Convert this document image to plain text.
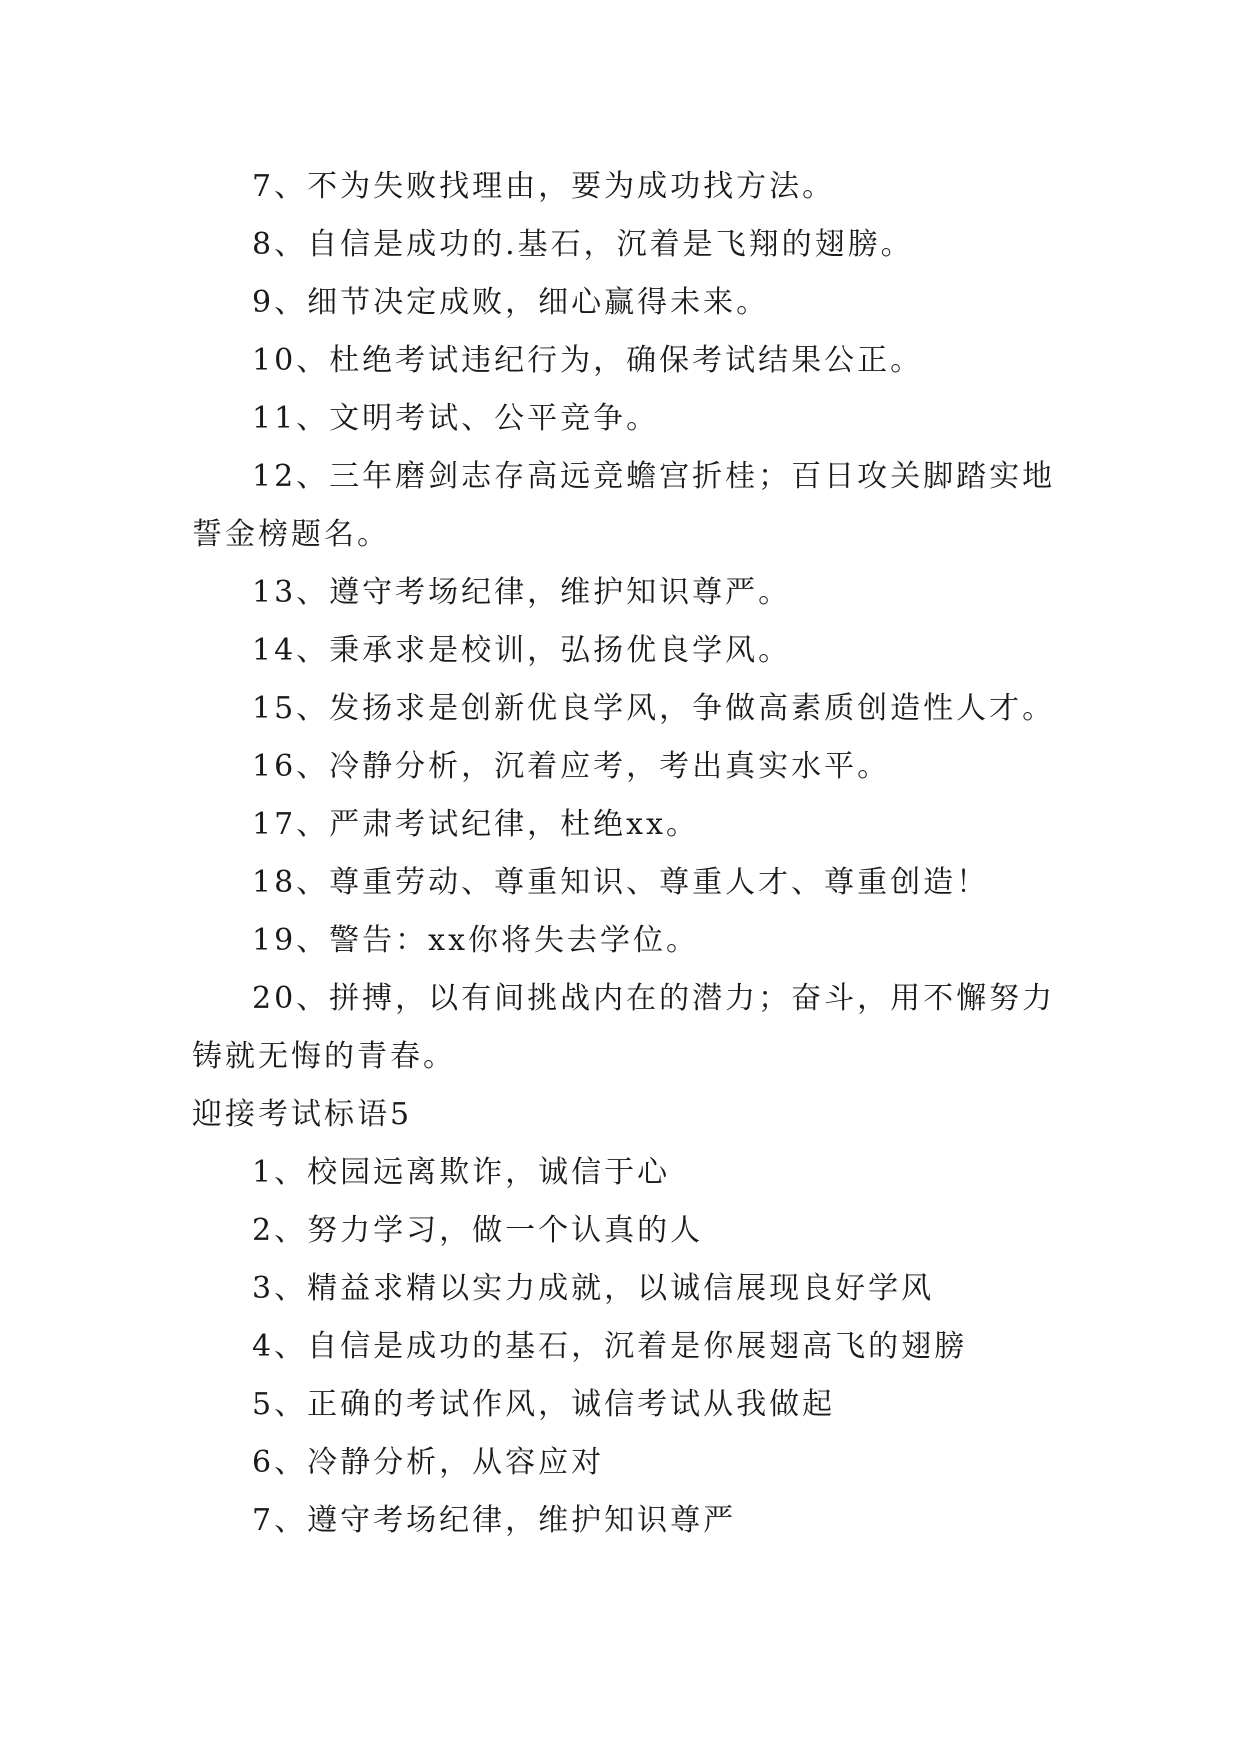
7、不为失败找理由，要为成功找方法。
8、自信是成功的.基石，沉着是飞翔的翅膀。
9、细节决定成败，细心赢得未来。
10、杜绝考试违纪行为，确保考试结果公正。
11、文明考试、公平竞争。
12、三年磨剑志存高远竞蟾宫折桂；百日攻关脚踏实地
誓金榜题名。
13、遵守考场纪律，维护知识尊严。
14、秉承求是校训，弘扬优良学风。
15、发扬求是创新优良学风，争做高素质创造性人才。
16、冷静分析，沉着应考，考出真实水平。
17、严肃考试纪律，杜绝xx。
18、尊重劳动、尊重知识、尊重人才、尊重创造！
19、警告：xx你将失去学位。
20、拼搏，以有间挑战内在的潜力；奋斗，用不懈努力
铸就无悔的青春。
迎接考试标语5
1、校园远离欺诈，诚信于心
2、努力学习，做一个认真的人
3、精益求精以实力成就，以诚信展现良好学风
4、自信是成功的基石，沉着是你展翅高飞的翅膀
5、正确的考试作风，诚信考试从我做起
6、冷静分析，从容应对
7、遵守考场纪律，维护知识尊严
